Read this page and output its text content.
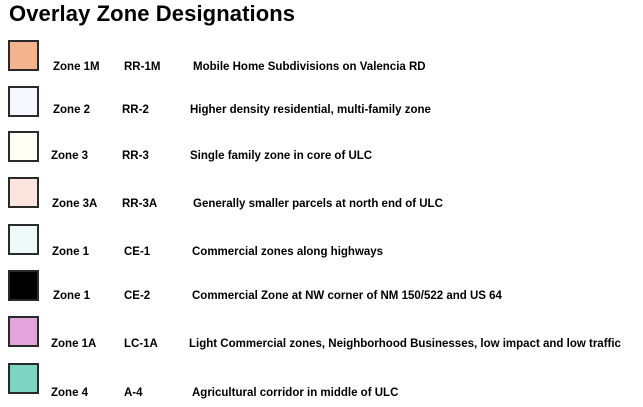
Overlay Zone Designations
Zone 1M RR-1M	Mobile Home Subdivisions on Valencia RD
Zone 2	RR-2	Higher density residential, multi-family zone
Zone 3	RR-3	Single family zone in core of ULC
Zone 3A RR-3A	Generally smaller parcels at north end of ULC
Zone 1	CE-1	Commercial zones along highways
Zone 1	CE-2	Commercial Zone at NW corner of NM 150/522 and US 64
Zone 1A LC-1A	Light Commercial zones, Neighborhood Businesses, low impact and low traffic
Zone 4	A-4	Agricultural corridor in middle of ULC
